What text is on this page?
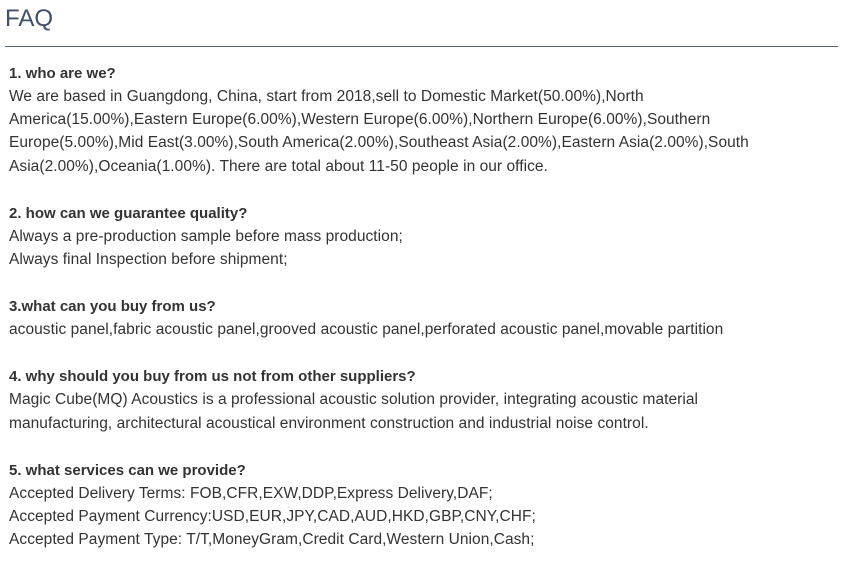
FAQ

1. who are we?

We are based in Guangdong, China, start from 2018,sell to Domestic Market(50.00%),North

America(15.00%),Eastern Europe(6.00%),Western Europe(6.00%),Northern Europe(6.00%),Southern

Europe(5.00%),Mid East(3.00%),South America(2.00%),Southeast Asia(2.00%),Eastern Asia(2.00%),South

Asia(2.00%),Oceania(1.00%). There are total about 11-50 people in our office.

2. how can we guarantee quality?

Always a pre-production sample before mass production;

Always final Inspection before shipment;

3.what can you buy from us?

acoustic panel,fabric acoustic panel,grooved acoustic panel,perforated acoustic panel,movable partition

4. why should you buy from us not from other suppliers?

Magic Cube(MQ) Acoustics is a professional acoustic solution provider, integrating acoustic material

manufacturing, architectural acoustical environment construction and industrial noise control.

5. what services can we provide?

Accepted Delivery Terms: FOB,CFR,EXW,DDP,Express Delivery,DAF;

Accepted Payment Currency:USD,EUR,JPY,CAD,AUD,HKD,GBP,CNY,CHF;

Accepted Payment Type: T/T,MoneyGram,Credit Card,Western Union,Cash;
